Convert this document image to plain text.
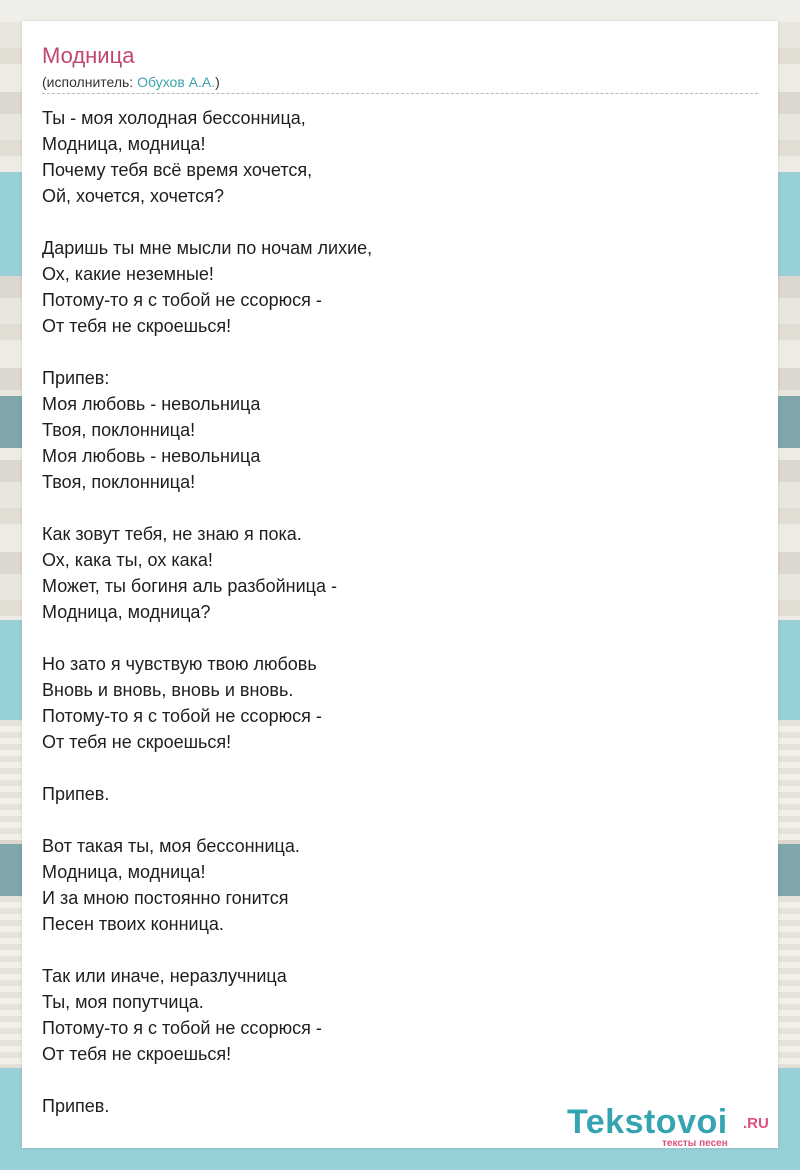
Модница
(исполнитель: Обухов А.А.)
Ты - моя холодная бессонница,
Модница, модница!
Почему тебя всё время хочется,
Ой, хочется, хочется?
Даришь ты мне мысли по ночам лихие,
Ох, какие неземные!
Потому-то я с тобой не ссорюся -
От тебя не скроешься!
Припев:
Моя любовь - невольница
Твоя, поклонница!
Моя любовь - невольница
Твоя, поклонница!
Как зовут тебя, не знаю я пока.
Ох, кака ты, ох кака!
Может, ты богиня аль разбойница -
Модница, модница?
Но зато я чувствую твою любовь
Вновь и вновь, вновь и вновь.
Потому-то я с тобой не ссорюся -
От тебя не скроешься!
Припев.
Вот такая ты, моя бессонница.
Модница, модница!
И за мною постоянно гонится
Песен твоих конница.
Так или иначе, неразлучница
Ты, моя попутчица.
Потому-то я с тобой не ссорюся -
От тебя не скроешься!
Припев.	Tekstovoi .RU
тексты песен
